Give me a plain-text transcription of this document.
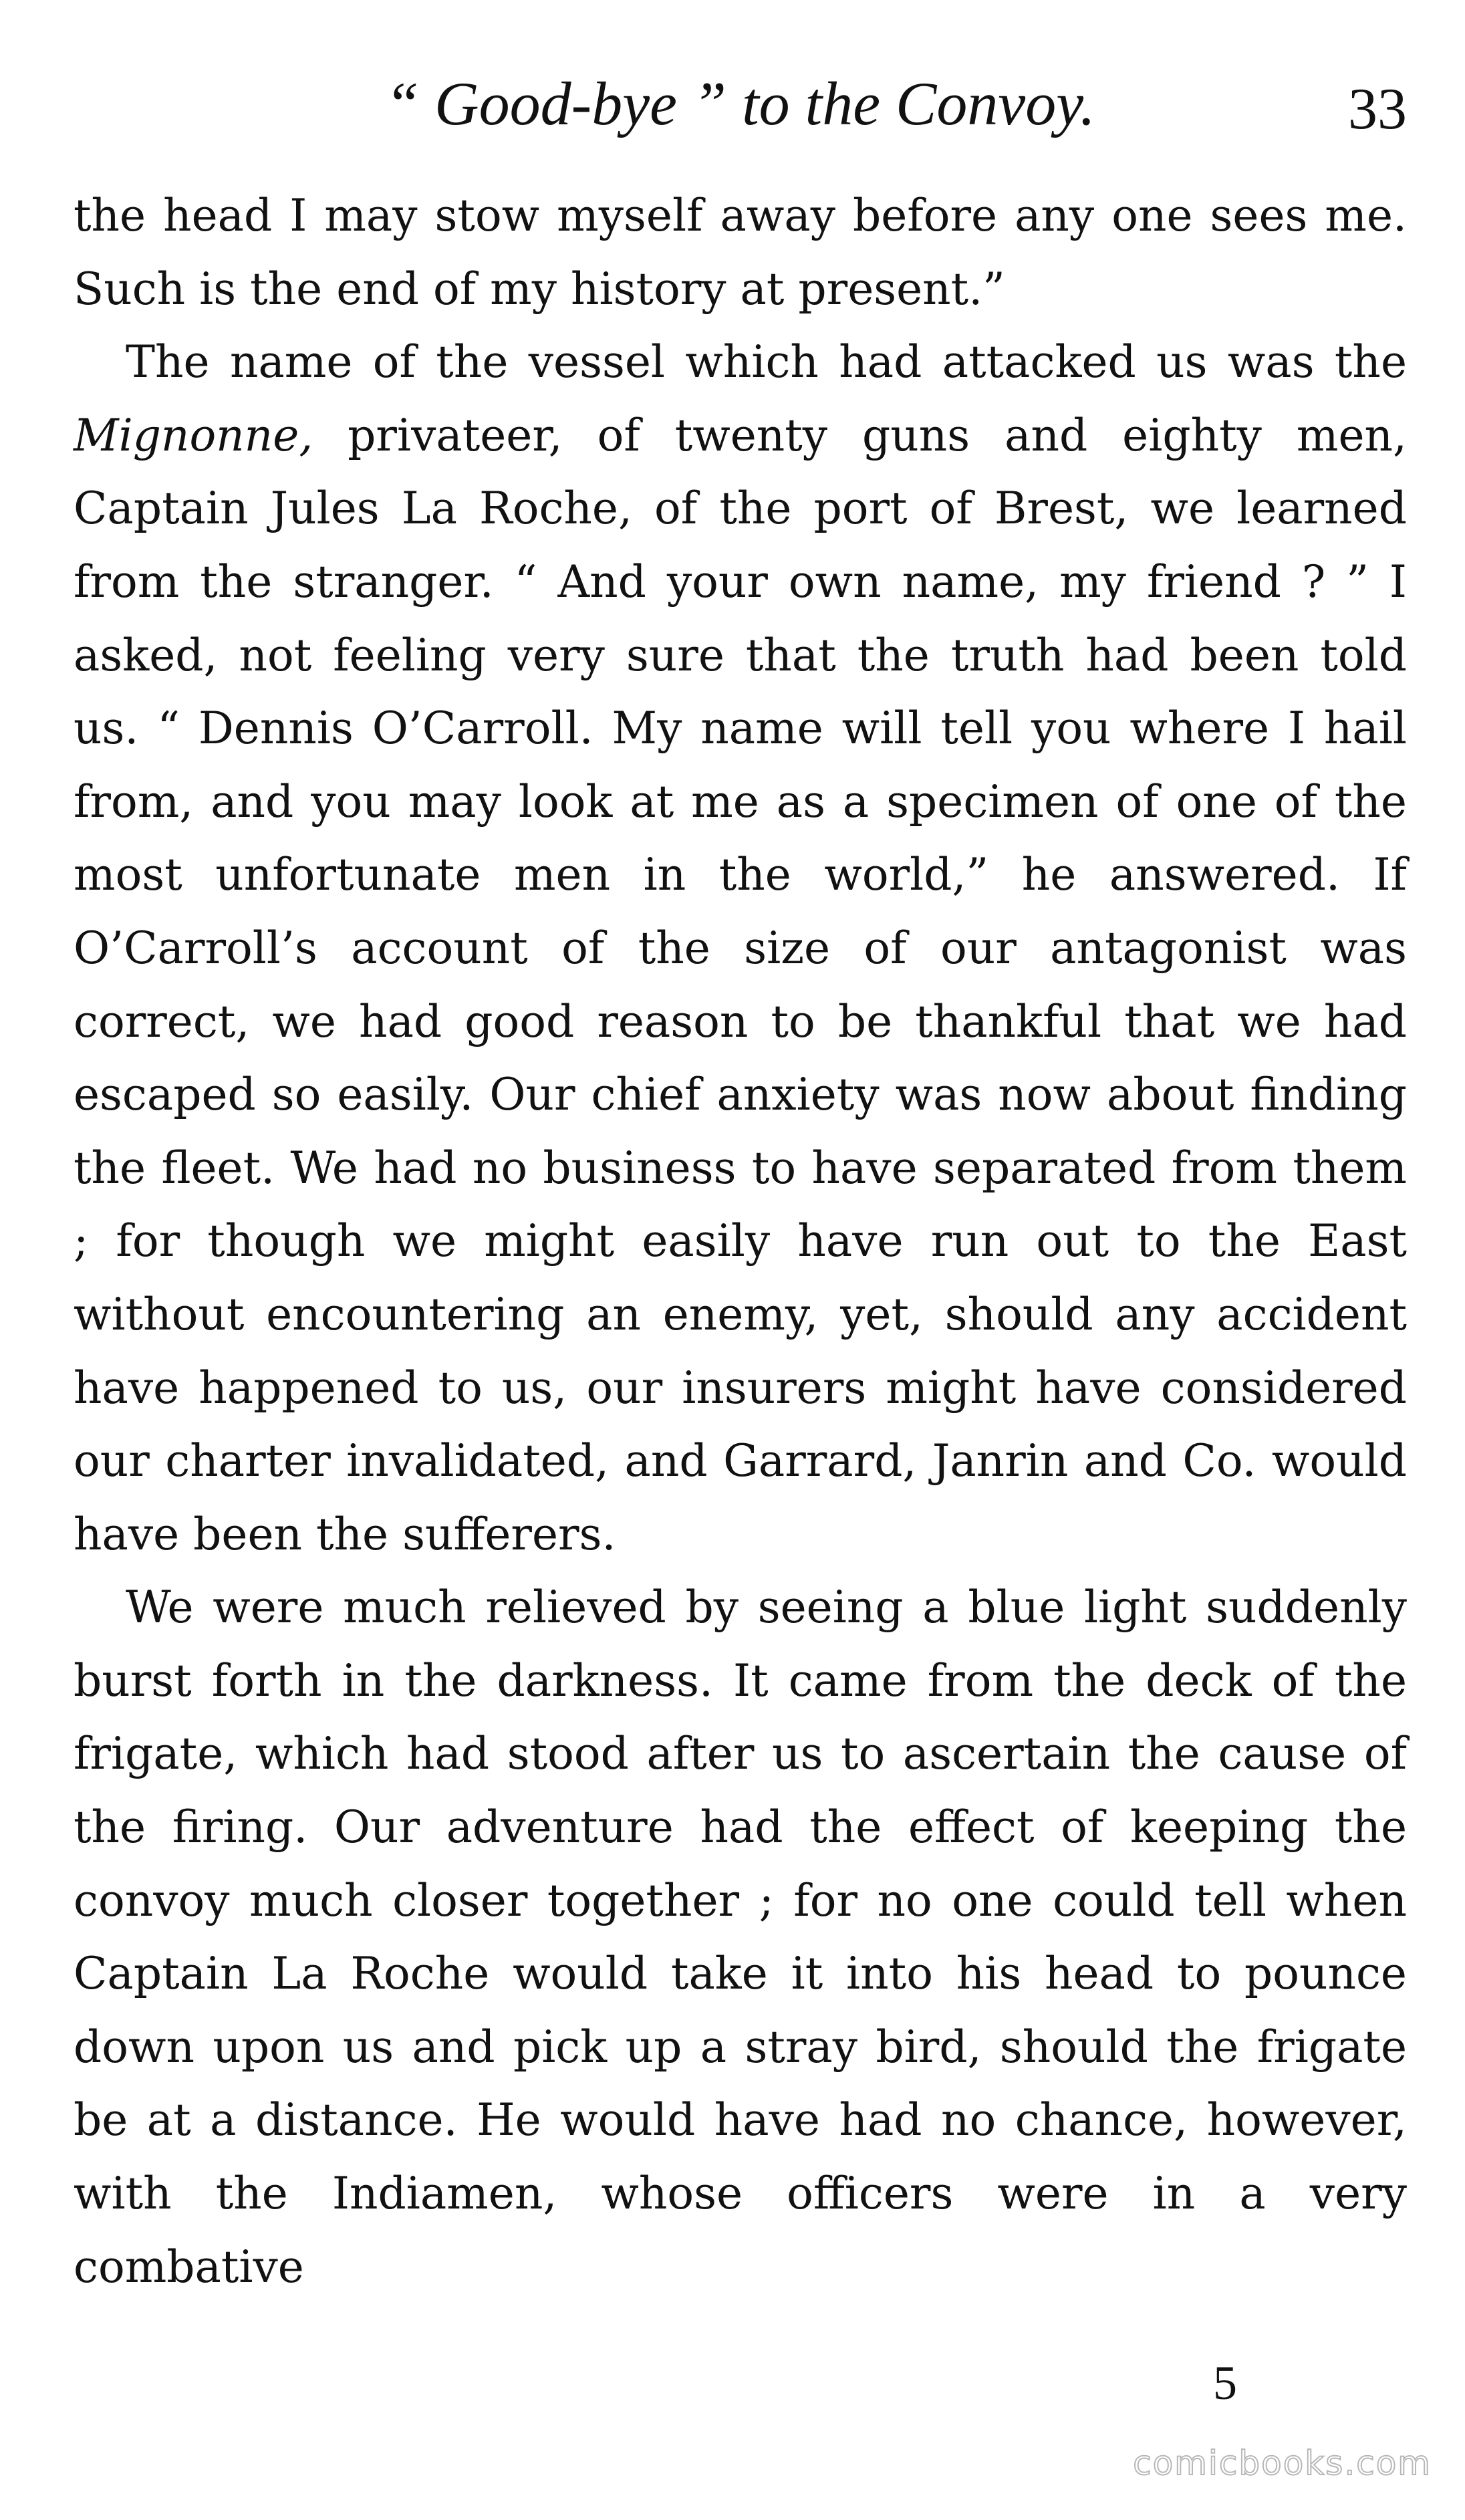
“ Good-bye ” to the Convoy.	33

the head I may stow myself away before any one sees me. Such is the end of my history at present.”

The name of the vessel which had attacked us was the Mignonne, privateer, of twenty guns and eighty men, Captain Jules La Roche, of the port of Brest, we learned from the stranger. “ And your own name, my friend ? ” I asked, not feeling very sure that the truth had been told us. “ Dennis O’Carroll. My name will tell you where I hail from, and you may look at me as a specimen of one of the most unfortunate men in the world,” he answered. If O’Carroll’s account of the size of our antagonist was correct, we had good reason to be thankful that we had escaped so easily. Our chief anxiety was now about finding the fleet. We had no business to have separated from them ; for though we might easily have run out to the East without encountering an enemy, yet, should any accident have happened to us, our insurers might have considered our charter invalidated, and Garrard, Janrin and Co. would have been the sufferers.

We were much relieved by seeing a blue light suddenly burst forth in the darkness. It came from the deck of the frigate, which had stood after us to ascertain the cause of the firing. Our adventure had the effect of keeping the convoy much closer together ; for no one could tell when Captain La Roche would take it into his head to pounce down upon us and pick up a stray bird, should the frigate be at a distance. He would have had no chance, however, with the Indiamen, whose officers were in a very combative

5
comicbooks.com
